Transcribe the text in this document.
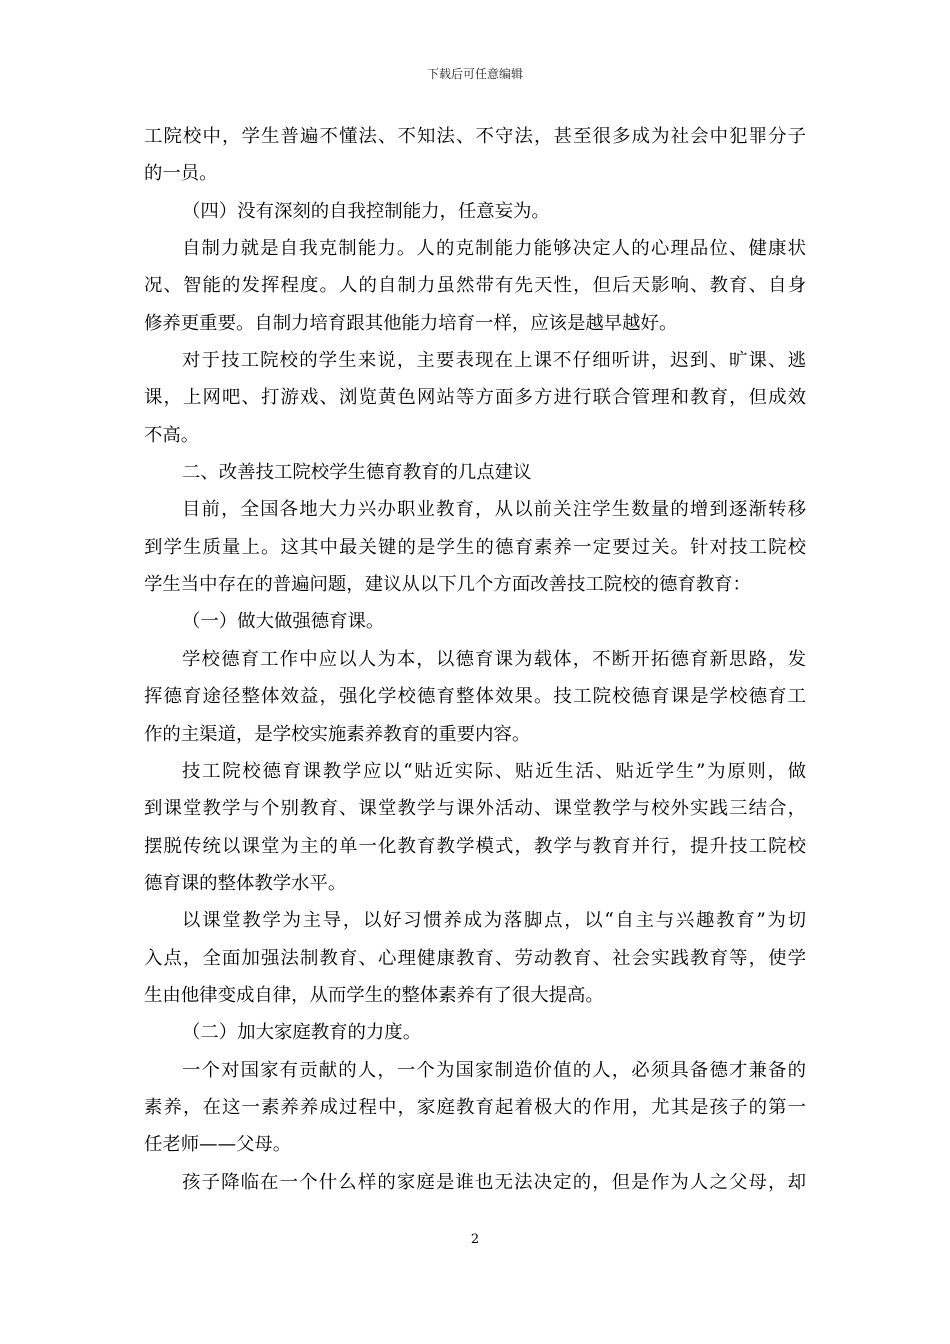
下载后可任意编辑
工院校中，学生普遍不懂法、不知法、不守法，甚至很多成为社会中犯罪分子
的一员。
（四）没有深刻的自我控制能力，任意妄为。
自制力就是自我克制能力。人的克制能力能够决定人的心理品位、健康状
况、智能的发挥程度。人的自制力虽然带有先天性，但后天影响、教育、自身
修养更重要。自制力培育跟其他能力培育一样，应该是越早越好。
对于技工院校的学生来说，主要表现在上课不仔细听讲，迟到、旷课、逃
课，上网吧、打游戏、浏览黄色网站等方面多方进行联合管理和教育，但成效
不高。
二、改善技工院校学生德育教育的几点建议
目前，全国各地大力兴办职业教育，从以前关注学生数量的增到逐渐转移
到学生质量上。这其中最关键的是学生的德育素养一定要过关。针对技工院校
学生当中存在的普遍问题，建议从以下几个方面改善技工院校的德育教育：
（一）做大做强德育课。
学校德育工作中应以人为本，以德育课为载体，不断开拓德育新思路，发
挥德育途径整体效益，强化学校德育整体效果。技工院校德育课是学校德育工
作的主渠道，是学校实施素养教育的重要内容。
技工院校德育课教学应以“贴近实际、贴近生活、贴近学生”为原则，做
到课堂教学与个别教育、课堂教学与课外活动、课堂教学与校外实践三结合，
摆脱传统以课堂为主的单一化教育教学模式，教学与教育并行，提升技工院校
德育课的整体教学水平。
以课堂教学为主导，以好习惯养成为落脚点，以“自主与兴趣教育”为切
入点，全面加强法制教育、心理健康教育、劳动教育、社会实践教育等，使学
生由他律变成自律，从而学生的整体素养有了很大提高。
（二）加大家庭教育的力度。
一个对国家有贡献的人，一个为国家制造价值的人，必须具备德才兼备的
素养，在这一素养养成过程中，家庭教育起着极大的作用，尤其是孩子的第一
任老师——父母。
孩子降临在一个什么样的家庭是谁也无法决定的，但是作为人之父母，却
2
